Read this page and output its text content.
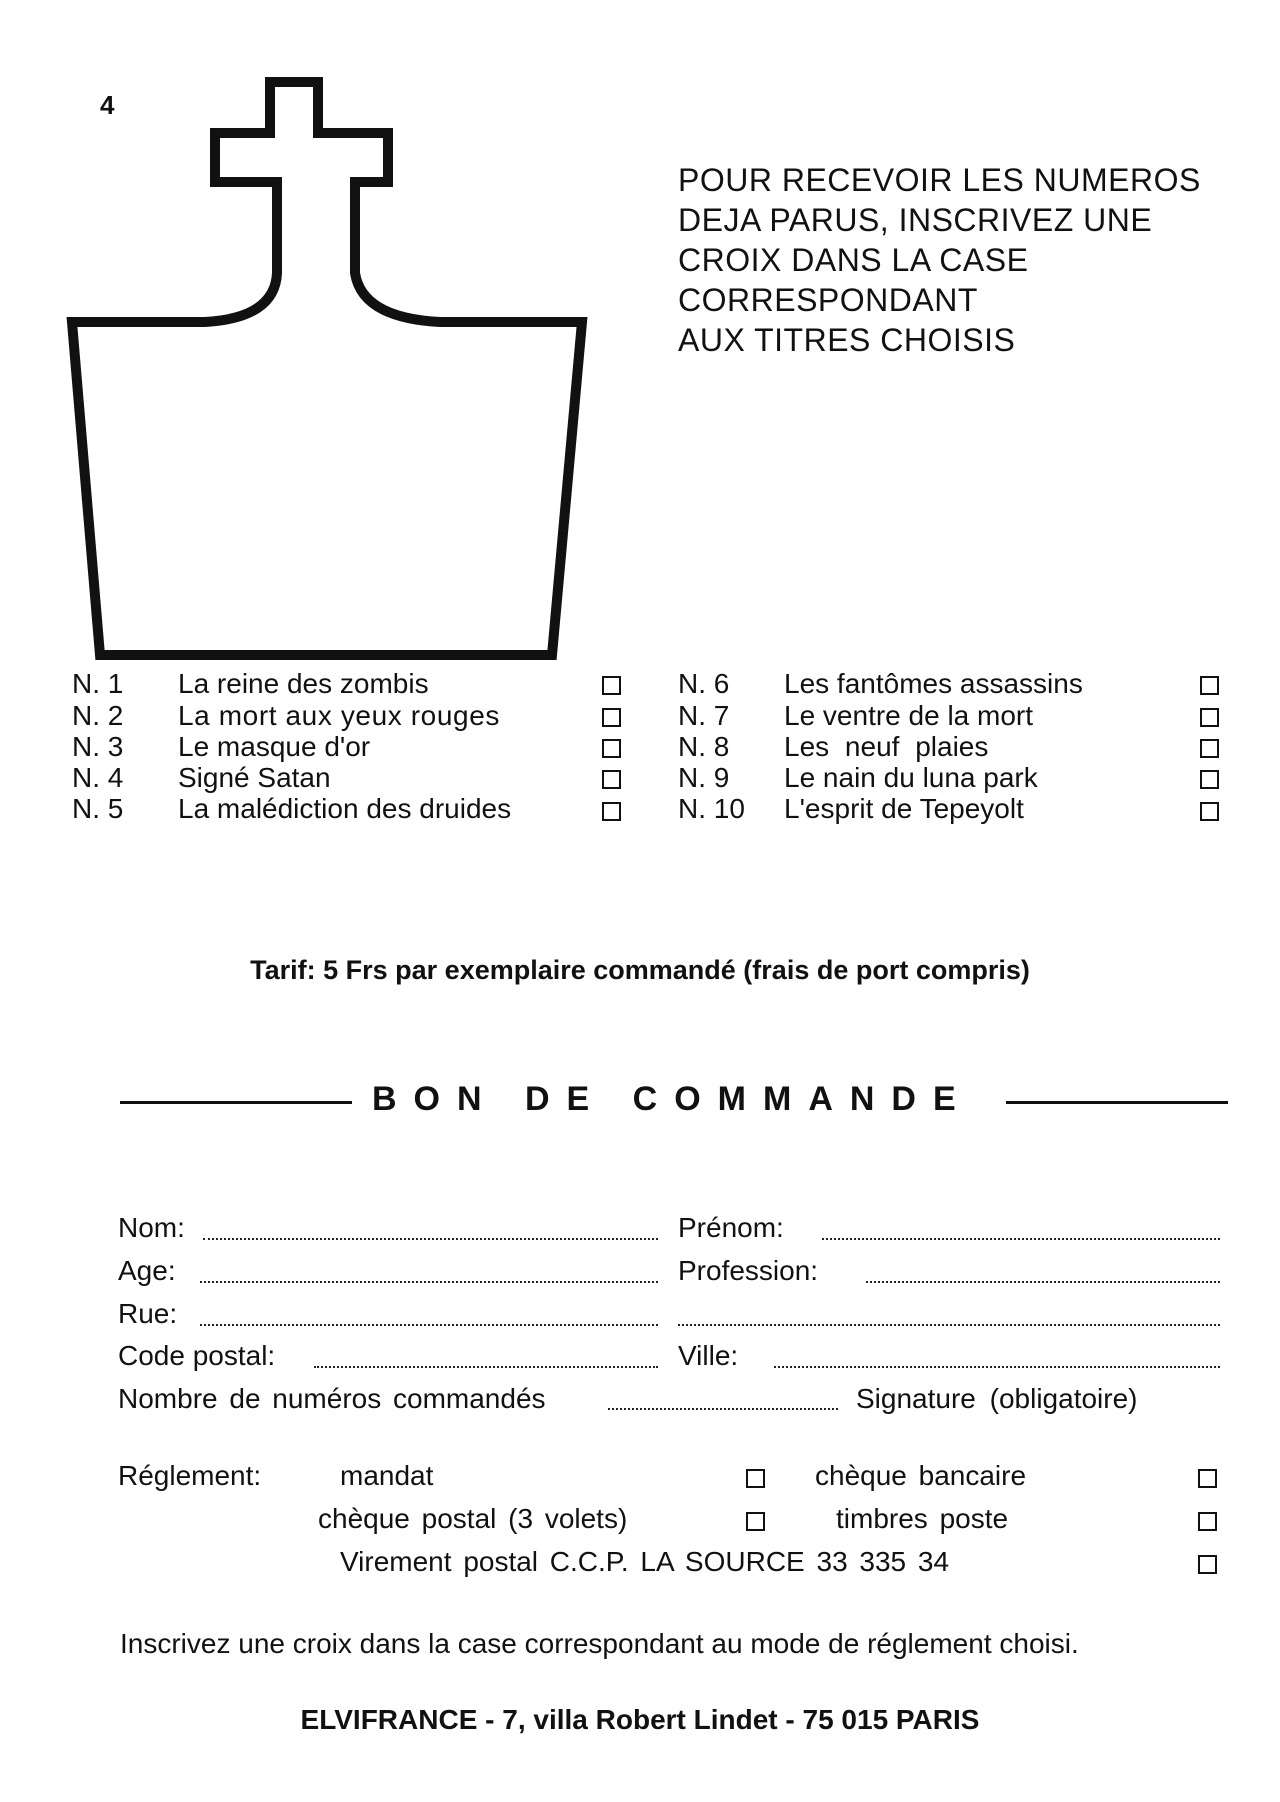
4
POUR RECEVOIR LES NUMEROS
DEJA PARUS, INSCRIVEZ UNE
CROIX DANS LA CASE
CORRESPONDANT
AUX TITRES CHOISIS
N. 1	La reine des zombis
N. 2	La mort aux yeux rouges
N. 3	Le masque d'or
N. 4	Signé Satan
N. 5	La malédiction des druides
N. 6	Les fantômes assassins
N. 7	Le ventre de la mort
N. 8	Les neuf plaies
N. 9	Le nain du luna park
N. 10	L'esprit de Tepeyolt
Tarif: 5 Frs par exemplaire commandé (frais de port compris)
BON DE COMMANDE
Nom:	Prénom:
Age:	Profession:
Rue:
Code postal:	Ville:
Nombre de numéros commandés	Signature (obligatoire)
Réglement:	mandat	chèque bancaire
chèque postal (3 volets)	timbres poste
Virement postal C.C.P. LA SOURCE 33 335 34
Inscrivez une croix dans la case correspondant au mode de réglement choisi.
ELVIFRANCE - 7, villa Robert Lindet - 75 015 PARIS
